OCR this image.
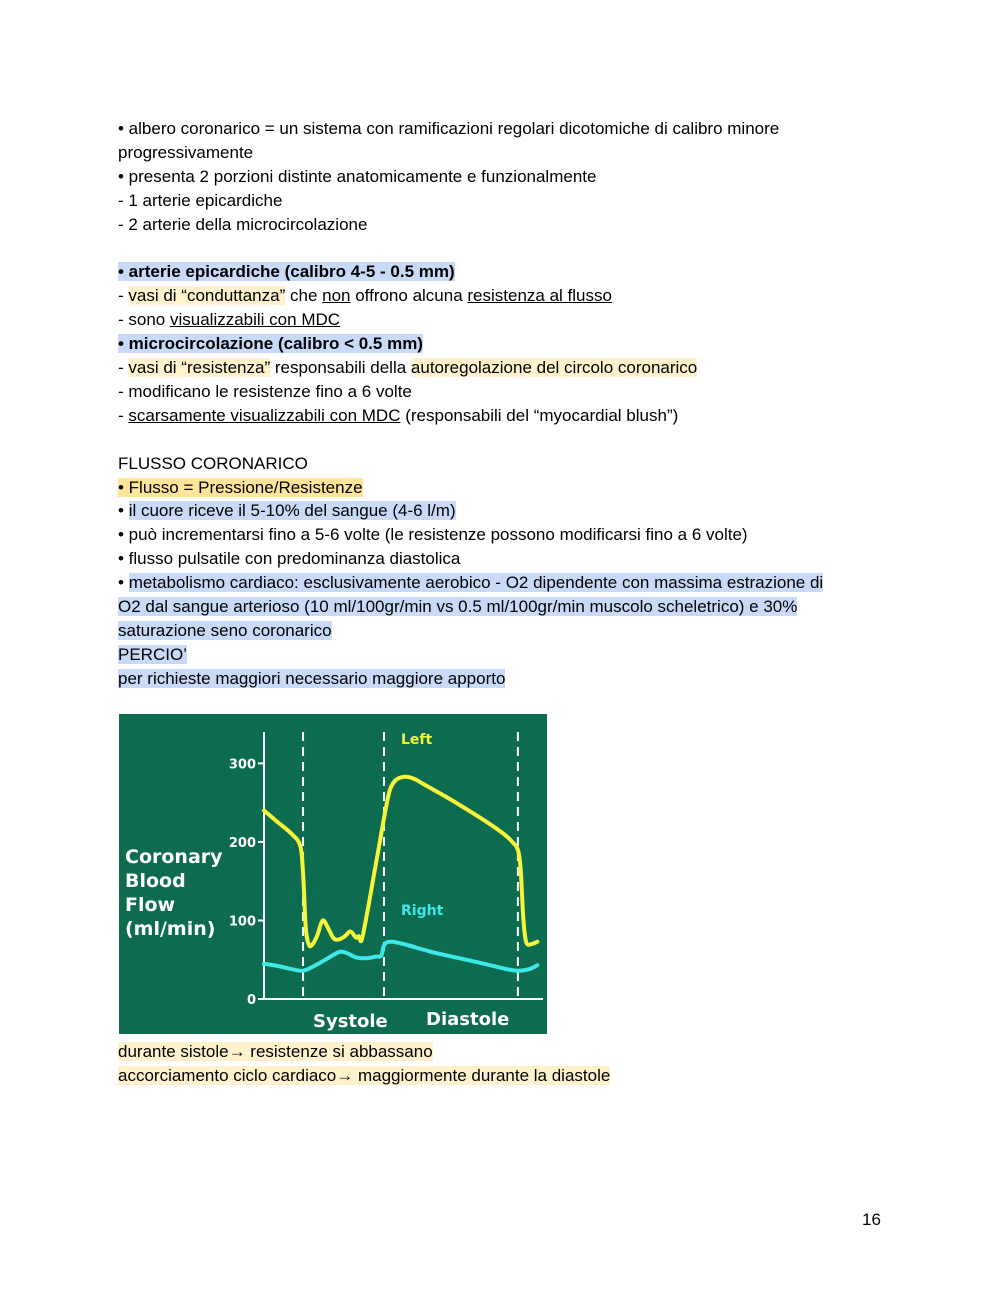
• albero coronarico = un sistema con ramificazioni regolari dicotomiche di calibro minore progressivamente
• presenta 2 porzioni distinte anatomicamente e funzionalmente
- 1 arterie epicardiche
- 2 arterie della microcircolazione
• arterie epicardiche (calibro 4-5 - 0.5 mm)
- vasi di “conduttanza” che non offrono alcuna resistenza al flusso
- sono visualizzabili con MDC
• microcircolazione (calibro < 0.5 mm)
- vasi di “resistenza” responsabili della autoregolazione del circolo coronarico
- modificano le resistenze fino a 6 volte
- scarsamente visualizzabili con MDC (responsabili del “myocardial blush”)
FLUSSO CORONARICO
• Flusso = Pressione/Resistenze
• il cuore riceve il 5-10% del sangue (4-6 l/m)
• può incrementarsi fino a 5-6 volte (le resistenze possono modificarsi fino a 6 volte)
• flusso pulsatile con predominanza diastolica
• metabolismo cardiaco: esclusivamente aerobico - O2 dipendente con massima estrazione di
O2 dal sangue arterioso (10 ml/100gr/min vs 0.5 ml/100gr/min muscolo scheletrico) e 30%
saturazione seno coronarico
PERCIO’
per richieste maggiori necessario maggiore apporto
300
200
100
0
Coronary
Blood
Flow
(ml/min)
Systole Diastole
Left
Right
durante sistole→ resistenze si abbassano
accorciamento ciclo cardiaco→ maggiormente durante la diastole
16
